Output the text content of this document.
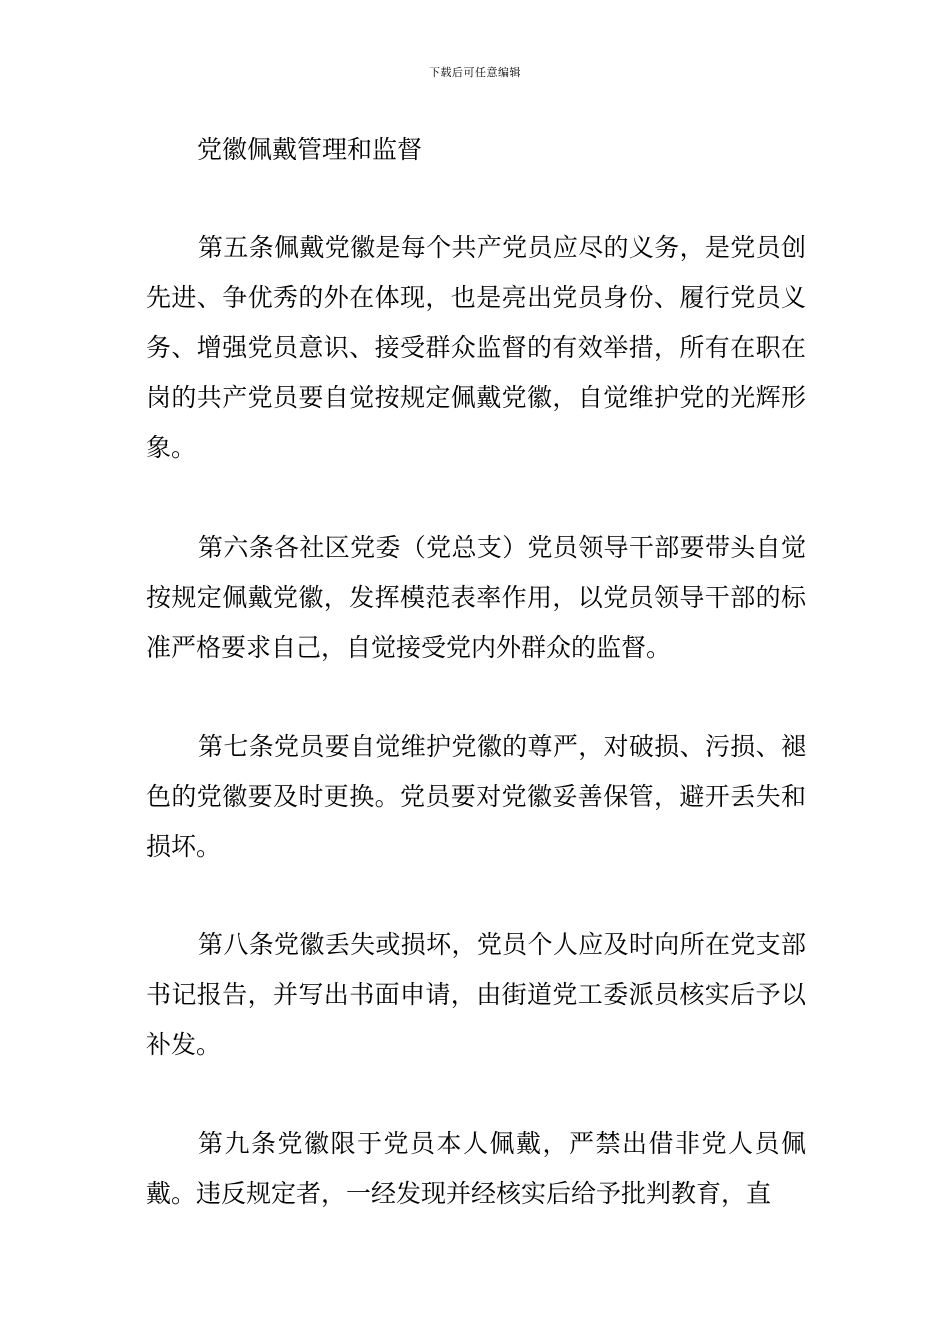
下载后可任意编辑
党徽佩戴管理和监督

第五条佩戴党徽是每个共产党员应尽的义务，是党员创先进、争优秀的外在体现，也是亮出党员身份、履行党员义务、增强党员意识、接受群众监督的有效举措，所有在职在岗的共产党员要自觉按规定佩戴党徽，自觉维护党的光辉形象。

第六条各社区党委（党总支）党员领导干部要带头自觉按规定佩戴党徽，发挥模范表率作用，以党员领导干部的标准严格要求自己，自觉接受党内外群众的监督。

第七条党员要自觉维护党徽的尊严，对破损、污损、褪色的党徽要及时更换。党员要对党徽妥善保管，避开丢失和损坏。

第八条党徽丢失或损坏，党员个人应及时向所在党支部书记报告，并写出书面申请，由街道党工委派员核实后予以补发。

第九条党徽限于党员本人佩戴，严禁出借非党人员佩戴。违反规定者，一经发现并经核实后给予批判教育，直
